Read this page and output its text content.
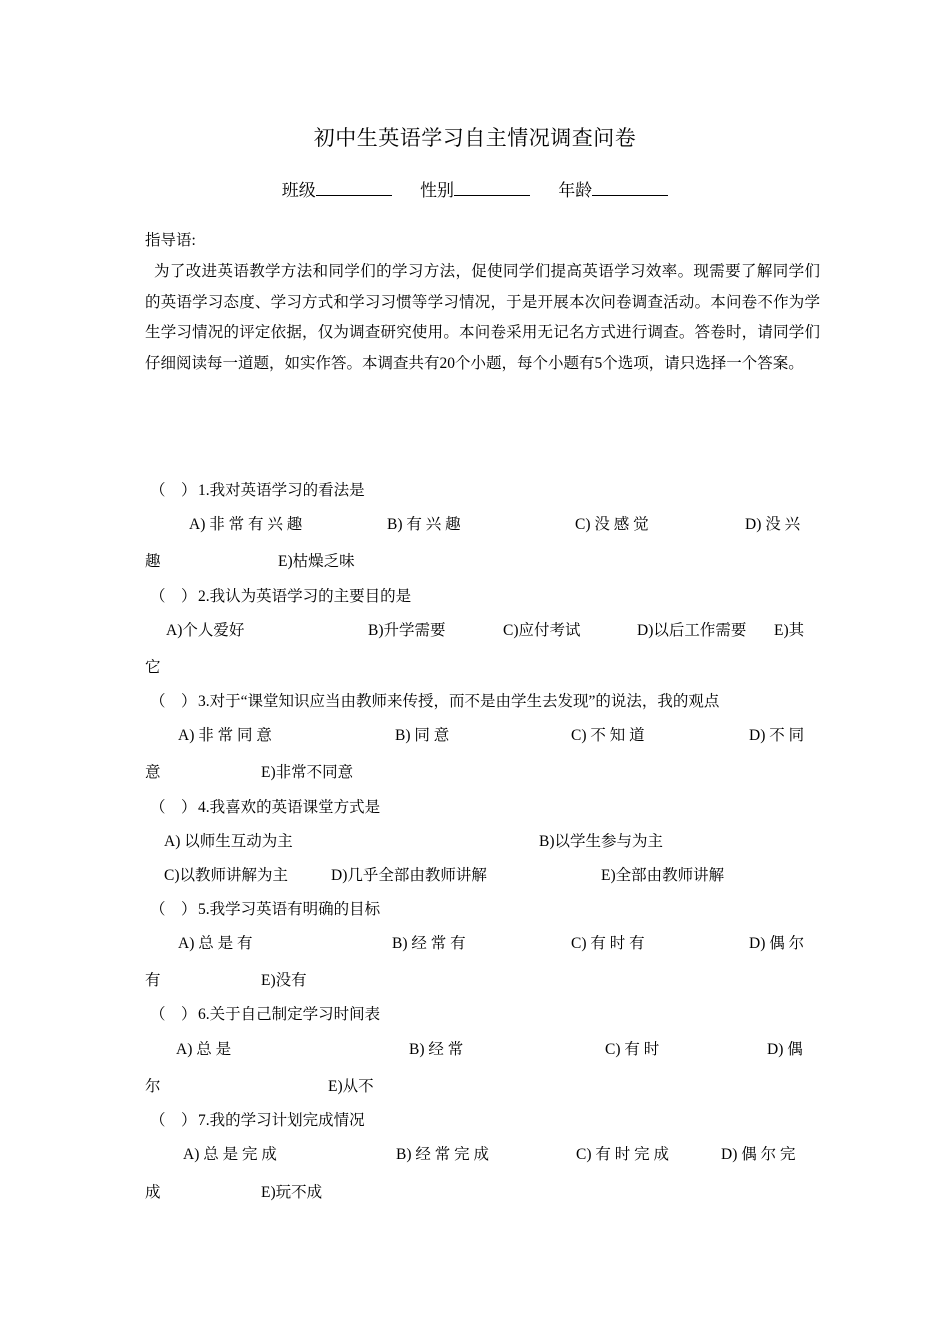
初中生英语学习自主情况调查问卷
班级	性别	年龄
指导语:
为了改进英语教学方法和同学们的学习方法，促使同学们提高英语学习效率。现需要了解同学们的英语学习态度、学习方式和学习习惯等学习情况，于是开展本次问卷调查活动。本问卷不作为学生学习情况的评定依据，仅为调查研究使用。本问卷采用无记名方式进行调查。答卷时，请同学们仔细阅读每一道题，如实作答。本调查共有20个小题，每个小题有5个选项，请只选择一个答案。
（ ）1.我对英语学习的看法是
A) 非 常 有 兴 趣	B) 有 兴 趣	C) 没 感 觉	D) 没 兴
趣	E)枯燥乏味
（ ）2.我认为英语学习的主要目的是
A)个人爱好	B)升学需要	C)应付考试	D)以后工作需要 E)其
它
（ ）3.对于“课堂知识应当由教师来传授，而不是由学生去发现”的说法，我的观点
A) 非 常 同 意	B) 同 意	C) 不 知 道	D) 不 同
意	E)非常不同意
（ ）4.我喜欢的英语课堂方式是
A) 以师生互动为主	B)以学生参与为主
C)以教师讲解为主	D)几乎全部由教师讲解	E)全部由教师讲解
（ ）5.我学习英语有明确的目标
A) 总 是 有	B) 经 常 有	C) 有 时 有	D) 偶 尔
有	E)没有
（ ）6.关于自己制定学习时间表
A) 总 是	B) 经 常	C) 有 时	D) 偶
尔	E)从不
（ ）7.我的学习计划完成情况
A) 总 是 完 成	B) 经 常 完 成	C) 有 时 完 成	D) 偶 尔 完
成	E)玩不成
